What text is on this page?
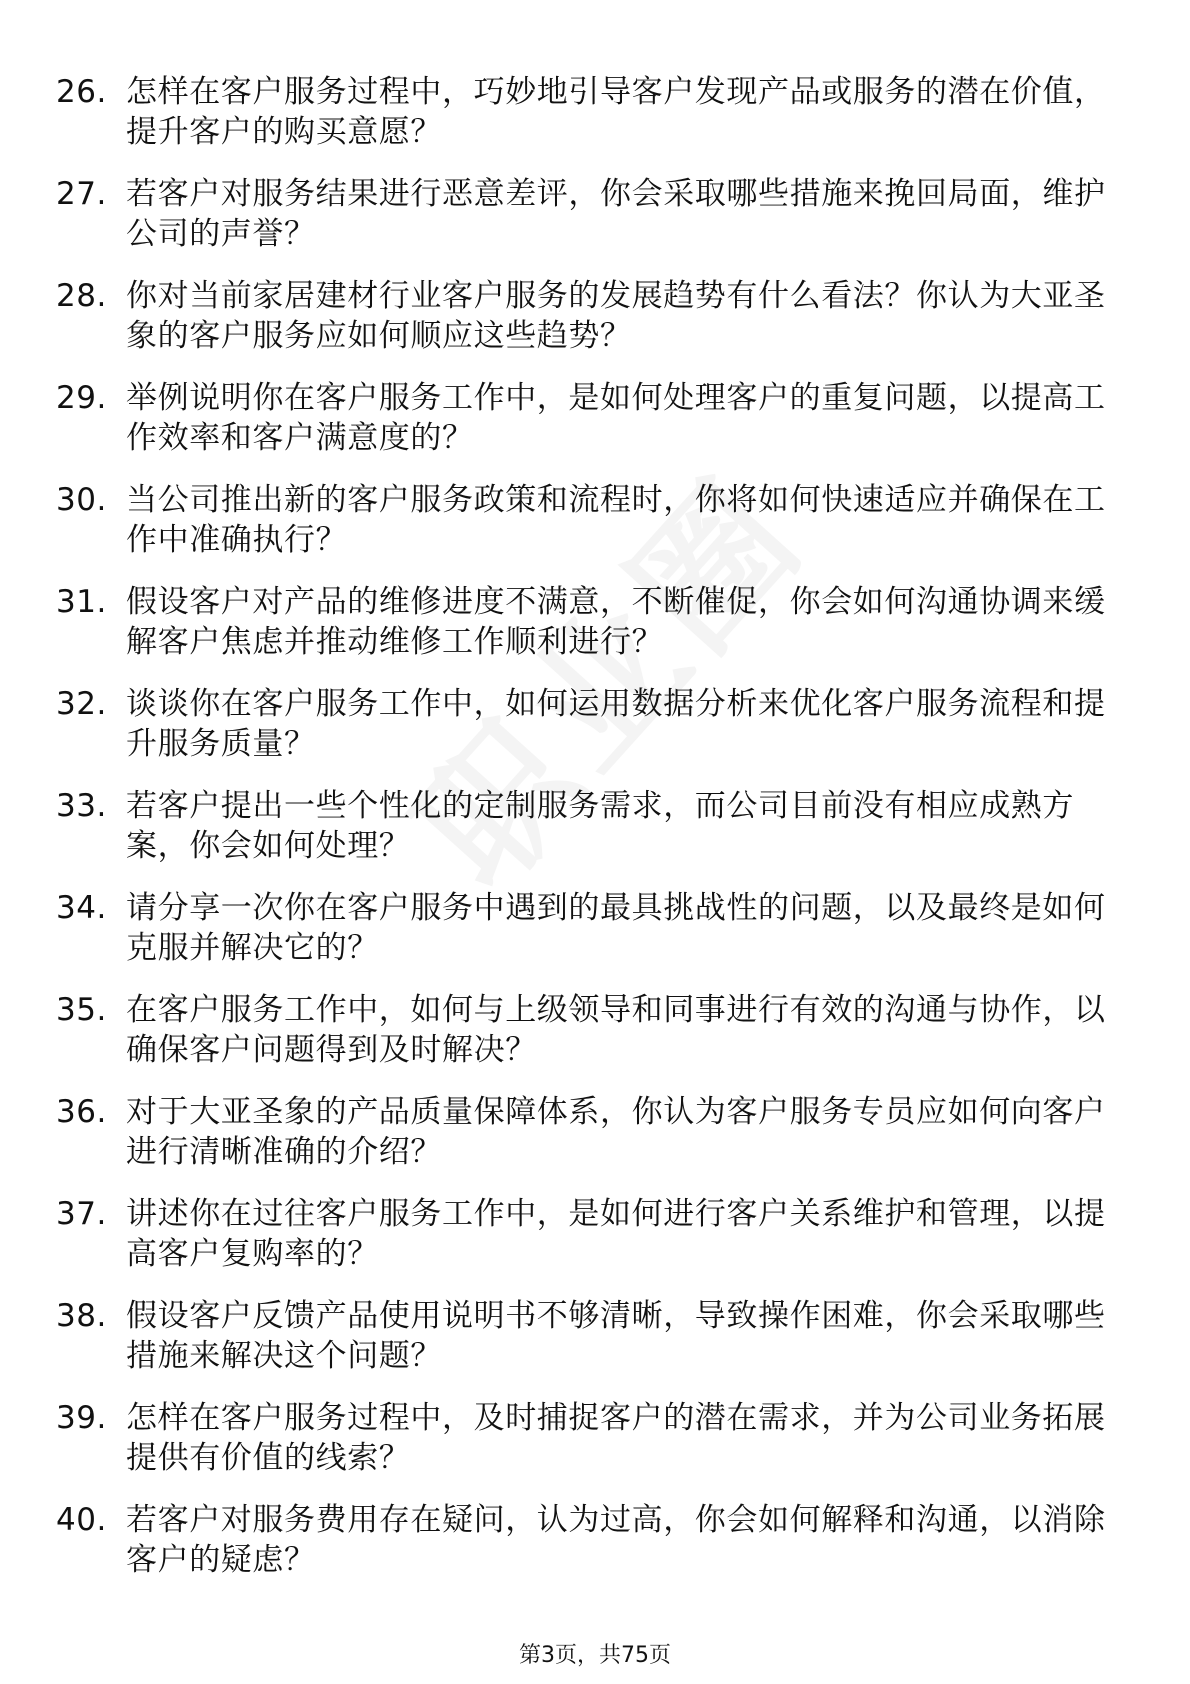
26. 怎样在客户服务过程中，巧妙地引导客户发现产品或服务的潜在价值，提升客户的购买意愿？
27. 若客户对服务结果进行恶意差评，你会采取哪些措施来挽回局面，维护公司的声誉？
28. 你对当前家居建材行业客户服务的发展趋势有什么看法？你认为大亚圣象的客户服务应如何顺应这些趋势？
29. 举例说明你在客户服务工作中，是如何处理客户的重复问题，以提高工作效率和客户满意度的？
30. 当公司推出新的客户服务政策和流程时，你将如何快速适应并确保在工作中准确执行？
31. 假设客户对产品的维修进度不满意，不断催促，你会如何沟通协调来缓解客户焦虑并推动维修工作顺利进行？
32. 谈谈你在客户服务工作中，如何运用数据分析来优化客户服务流程和提升服务质量？
33. 若客户提出一些个性化的定制服务需求，而公司目前没有相应成熟方案，你会如何处理？
34. 请分享一次你在客户服务中遇到的最具挑战性的问题，以及最终是如何克服并解决它的？
35. 在客户服务工作中，如何与上级领导和同事进行有效的沟通与协作，以确保客户问题得到及时解决？
36. 对于大亚圣象的产品质量保障体系，你认为客户服务专员应如何向客户进行清晰准确的介绍？
37. 讲述你在过往客户服务工作中，是如何进行客户关系维护和管理，以提高客户复购率的？
38. 假设客户反馈产品使用说明书不够清晰，导致操作困难，你会采取哪些措施来解决这个问题？
39. 怎样在客户服务过程中，及时捕捉客户的潜在需求，并为公司业务拓展提供有价值的线索？
40. 若客户对服务费用存在疑问，认为过高，你会如何解释和沟通，以消除客户的疑虑？
第3页，共75页
